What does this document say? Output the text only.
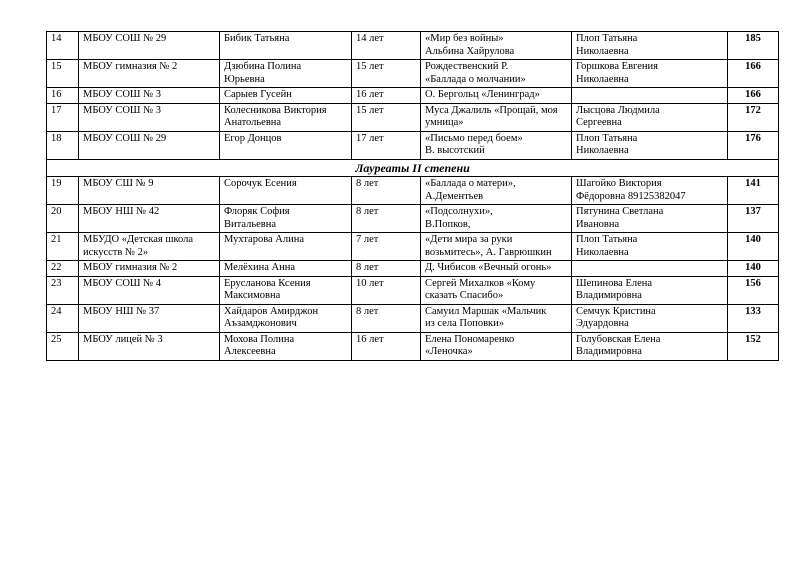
14	МБОУ СОШ № 29	Бибик Татьяна	14 лет	«Мир без войны»
Альбина Хайрулова	Плоп Татьяна
Николаевна	185
15	МБОУ гимназия № 2	Дзюбина Полина
Юрьевна	15 лет	Рождественский Р.
«Баллада о молчании»	Горшкова Евгения
Николаевна	166
16	МБОУ СОШ № 3	Сарыев Гусейн	16 лет	О. Бергольц «Ленинград»		166
17	МБОУ СОШ № 3	Колесникова Виктория
Анатольевна	15 лет	Муса Джалиль «Прощай, моя
умница»	Лысцова Людмила
Сергеевна	172
18	МБОУ СОШ № 29	Егор Донцов	17 лет	«Письмо перед боем»
В. высотский	Плоп Татьяна
Николаевна	176
Лауреаты II степени						
19	МБОУ СШ № 9	Сорочук Есения	8 лет	«Баллада о матери»,
А.Дементьев	Шагойко Виктория
Фёдоровна 89125382047	141
20	МБОУ НШ № 42	Флоряк София
Витальевна	8 лет	«Подсолнухи»,
В.Попков,	Пятунина Светлана
Ивановна	137
21	МБУДО «Детская школа
искусств № 2»	Мухтарова Алина	7 лет	«Дети мира за руки
возьмитесь», А. Гаврюшкин	Плоп Татьяна
Николаевна	140
22	МБОУ гимназия № 2	Мелёхина Анна	8 лет	Д. Чибисов «Вечный огонь»		140
23	МБОУ СОШ № 4	Еруcланова Ксения
Максимовна	10 лет	Сергей Михалков «Кому
сказать Спасибо»	Шепинова Елена
Владимировна	156
24	МБОУ НШ № 37	Хайдаров Амирджон
Аъзамджонович	8 лет	Самуил Маршак «Мальчик
из села Поповки»	Семчук Кристина
Эдуардовна	133
25	МБОУ лицей № 3	Мохова Полина
Алексеевна	16 лет	Елена Пономаренко
«Леночка»	Голубовская Елена
Владимировна	152
